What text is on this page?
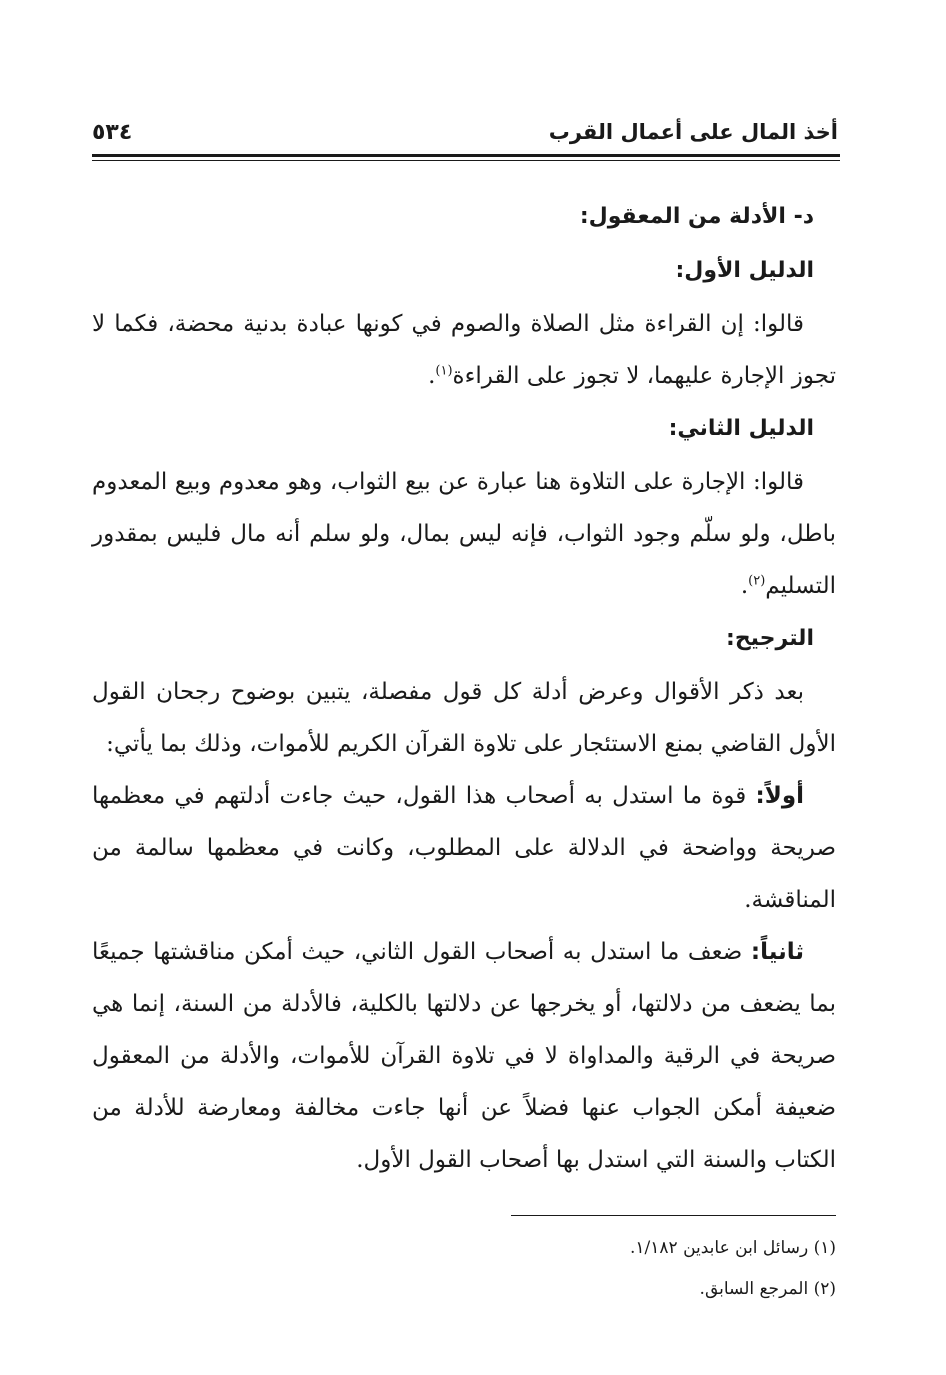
أخذ المال على أعمال القرب
٥٣٤
د- الأدلة من المعقول:
الدليل الأول:

قالوا: إن القراءة مثل الصلاة والصوم في كونها عبادة بدنية محضة، فكما لا تجوز الإجارة عليهما، لا تجوز على القراءة$^{(١)}$.

الدليل الثاني:

قالوا: الإجارة على التلاوة هنا عبارة عن بيع الثواب، وهو معدوم وبيع المعدوم باطل، ولو سلّم وجود الثواب، فإنه ليس بمال، ولو سلم أنه مال فليس بمقدور التسليم$^{(٢)}$.

الترجيح:

بعد ذكر الأقوال وعرض أدلة كل قول مفصلة، يتبين بوضوح رجحان القول الأول القاضي بمنع الاستئجار على تلاوة القرآن الكريم للأموات، وذلك بما يأتي:

أولاً: قوة ما استدل به أصحاب هذا القول، حيث جاءت أدلتهم في معظمها صريحة وواضحة في الدلالة على المطلوب، وكانت في معظمها سالمة من المناقشة.

ثانياً: ضعف ما استدل به أصحاب القول الثاني، حيث أمكن مناقشتها جميعًا بما يضعف من دلالتها، أو يخرجها عن دلالتها بالكلية، فالأدلة من السنة، إنما هي صريحة في الرقية والمداواة لا في تلاوة القرآن للأموات، والأدلة من المعقول ضعيفة أمكن الجواب عنها فضلاً عن أنها جاءت مخالفة ومعارضة للأدلة من الكتاب والسنة التي استدل بها أصحاب القول الأول.

(١) رسائل ابن عابدين ١/١٨٢.
(٢) المرجع السابق.
